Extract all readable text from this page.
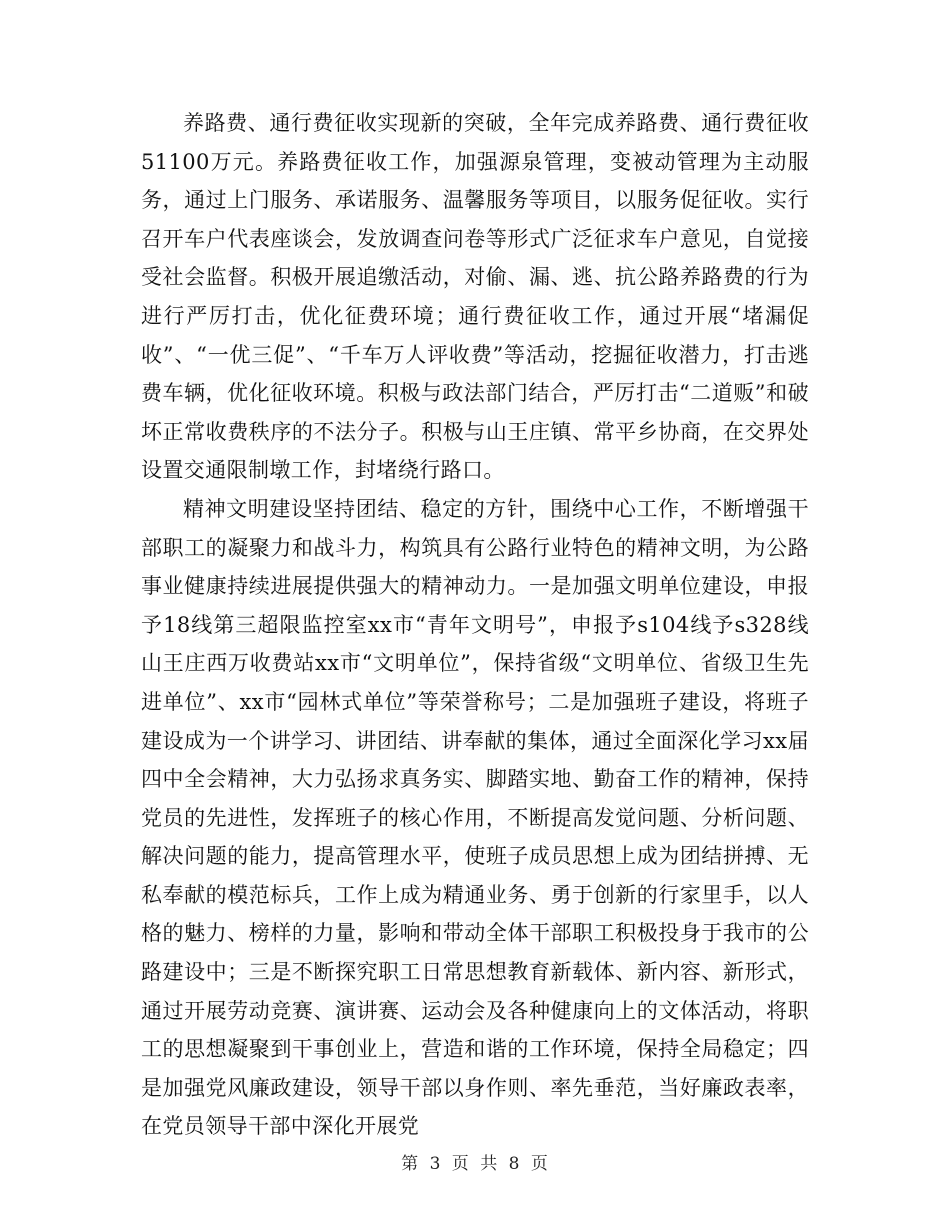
养路费、通行费征收实现新的突破，全年完成养路费、通行费征收51100万元。养路费征收工作，加强源泉管理，变被动管理为主动服务，通过上门服务、承诺服务、温馨服务等项目，以服务促征收。实行召开车户代表座谈会，发放调查问卷等形式广泛征求车户意见，自觉接受社会监督。积极开展追缴活动，对偷、漏、逃、抗公路养路费的行为进行严厉打击，优化征费环境；通行费征收工作，通过开展“堵漏促收”、“一优三促”、“千车万人评收费”等活动，挖掘征收潜力，打击逃费车辆，优化征收环境。积极与政法部门结合，严厉打击“二道贩”和破坏正常收费秩序的不法分子。积极与山王庄镇、常平乡协商，在交界处设置交通限制墩工作，封堵绕行路口。

精神文明建设坚持团结、稳定的方针，围绕中心工作，不断增强干部职工的凝聚力和战斗力，构筑具有公路行业特色的精神文明，为公路事业健康持续进展提供强大的精神动力。一是加强文明单位建设，申报予18线第三超限监控室xx市“青年文明号”，申报予s104线予s328线山王庄西万收费站xx市“文明单位”，保持省级“文明单位、省级卫生先进单位”、xx市“园林式单位”等荣誉称号；二是加强班子建设，将班子建设成为一个讲学习、讲团结、讲奉献的集体，通过全面深化学习xx届四中全会精神，大力弘扬求真务实、脚踏实地、勤奋工作的精神，保持党员的先进性，发挥班子的核心作用，不断提高发觉问题、分析问题、解决问题的能力，提高管理水平，使班子成员思想上成为团结拼搏、无私奉献的模范标兵，工作上成为精通业务、勇于创新的行家里手，以人格的魅力、榜样的力量，影响和带动全体干部职工积极投身于我市的公路建设中；三是不断探究职工日常思想教育新载体、新内容、新形式，通过开展劳动竞赛、演讲赛、运动会及各种健康向上的文体活动，将职工的思想凝聚到干事创业上，营造和谐的工作环境，保持全局稳定；四是加强党风廉政建设，领导干部以身作则、率先垂范，当好廉政表率，在党员领导干部中深化开展党

第 3 页 共 8 页
